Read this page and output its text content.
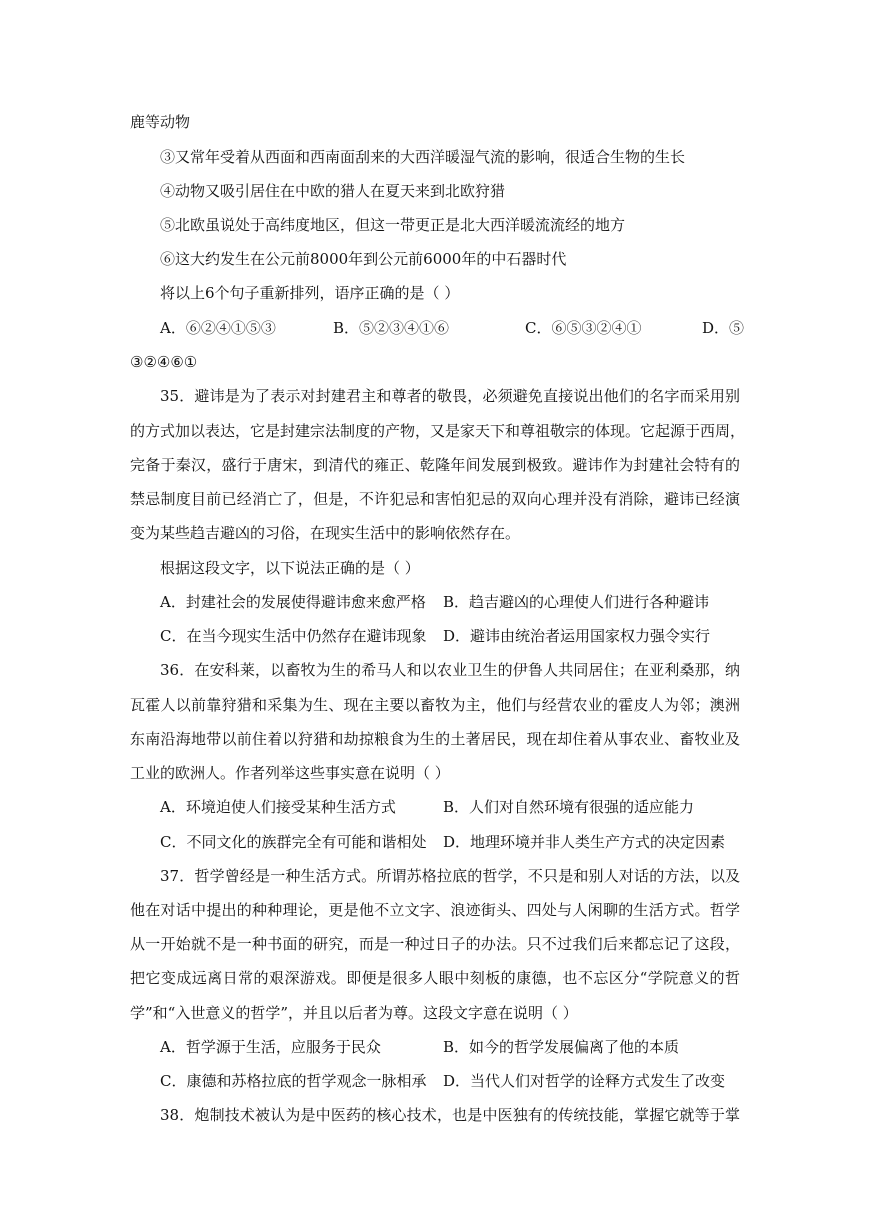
鹿等动物
③又常年受着从西面和西南面刮来的大西洋暖湿气流的影响，很适合生物的生长
④动物又吸引居住在中欧的猎人在夏天来到北欧狩猎
⑤北欧虽说处于高纬度地区，但这一带更正是北大西洋暖流流经的地方
⑥这大约发生在公元前8000年到公元前6000年的中石器时代
将以上6个句子重新排列，语序正确的是（ ）
A．⑥②④①⑤③	B．⑤②③④①⑥	C．⑥⑤③②④①	D．⑤
③②④⑥①
35．避讳是为了表示对封建君主和尊者的敬畏，必须避免直接说出他们的名字而采用别
的方式加以表达，它是封建宗法制度的产物，又是家天下和尊祖敬宗的体现。它起源于西周，
完备于秦汉，盛行于唐宋，到清代的雍正、乾隆年间发展到极致。避讳作为封建社会特有的
禁忌制度目前已经消亡了，但是，不许犯忌和害怕犯忌的双向心理并没有消除，避讳已经演
变为某些趋吉避凶的习俗，在现实生活中的影响依然存在。
根据这段文字，以下说法正确的是（ ）
A．封建社会的发展使得避讳愈来愈严格 B．趋吉避凶的心理使人们进行各种避讳
C．在当今现实生活中仍然存在避讳现象 D．避讳由统治者运用国家权力强令实行
36．在安科莱，以畜牧为生的希马人和以农业卫生的伊鲁人共同居住；在亚利桑那，纳
瓦霍人以前靠狩猎和采集为生、现在主要以畜牧为主，他们与经营农业的霍皮人为邻；澳洲
东南沿海地带以前住着以狩猎和劫掠粮食为生的土著居民，现在却住着从事农业、畜牧业及
工业的欧洲人。作者列举这些事实意在说明（ ）
A．环境迫使人们接受某种生活方式	B．人们对自然环境有很强的适应能力
C．不同文化的族群完全有可能和谐相处 D．地理环境并非人类生产方式的决定因素
37．哲学曾经是一种生活方式。所谓苏格拉底的哲学，不只是和别人对话的方法，以及
他在对话中提出的种种理论，更是他不立文字、浪迹街头、四处与人闲聊的生活方式。哲学
从一开始就不是一种书面的研究，而是一种过日子的办法。只不过我们后来都忘记了这段，
把它变成远离日常的艰深游戏。即便是很多人眼中刻板的康德，也不忘区分“学院意义的哲
学”和“入世意义的哲学”，并且以后者为尊。这段文字意在说明（ ）
A．哲学源于生活，应服务于民众	B．如今的哲学发展偏离了他的本质
C．康德和苏格拉底的哲学观念一脉相承 D．当代人们对哲学的诠释方式发生了改变
38．炮制技术被认为是中医药的核心技术，也是中医独有的传统技能，掌握它就等于掌
